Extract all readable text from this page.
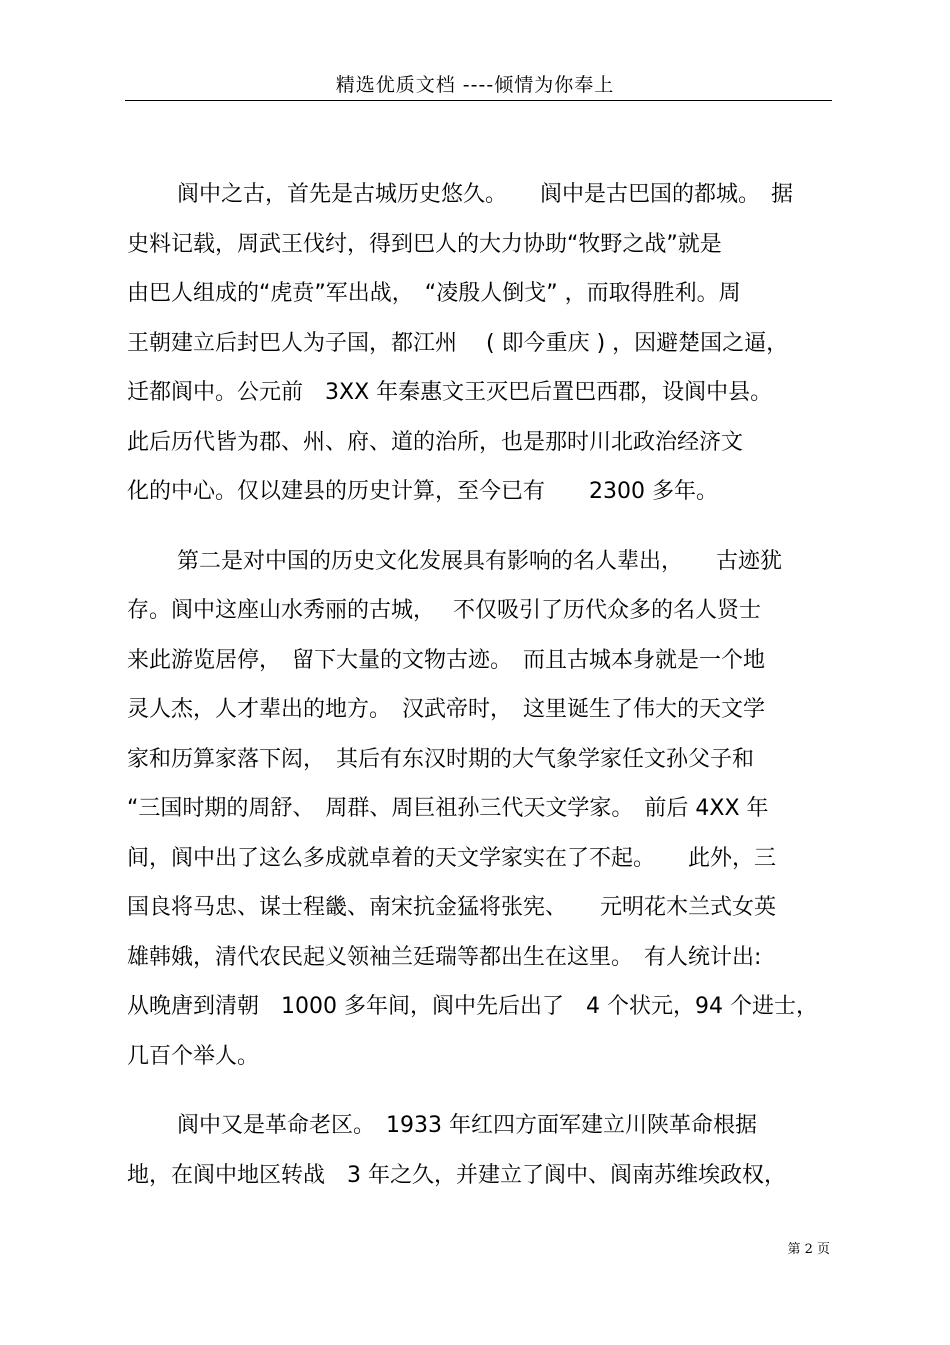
精选优质文档 ----倾情为你奉上
阆中之古，首先是古城历史悠久。　　阆中是古巴国的都城。　据
史料记载，周武王伐纣，得到巴人的大力协助“牧野之战”就是
由巴人组成的“虎贲”军出战，　“凌殷人倒戈” ，而取得胜利。周
王朝建立后封巴人为子国，都江州　 ( 即今重庆 ) ，因避楚国之逼，
迁都阆中。公元前　3XX 年秦惠文王灭巴后置巴西郡，设阆中县。
此后历代皆为郡、州、府、道的治所，也是那时川北政治经济文
化的中心。仅以建县的历史计算，至今已有　　2300 多年。
第二是对中国的历史文化发展具有影响的名人辈出，　　古迹犹
存。阆中这座山水秀丽的古城，　 不仅吸引了历代众多的名人贤士
来此游览居停，　留下大量的文物古迹。　而且古城本身就是一个地
灵人杰，人才辈出的地方。　汉武帝时，　这里诞生了伟大的天文学
家和历算家落下闳，　其后有东汉时期的大气象学家任文孙父子和
“三国时期的周舒、　周群、周巨祖孙三代天文学家。　前后 4XX 年
间，阆中出了这么多成就卓着的天文学家实在了不起。　　此外，三
国良将马忠、谋士程畿、南宋抗金猛将张宪、　　元明花木兰式女英
雄韩娥，清代农民起义领袖兰廷瑞等都出生在这里。　有人统计出:
从晚唐到清朝　1000 多年间，阆中先后出了　4 个状元，94 个进士，
几百个举人。
阆中又是革命老区。　1933 年红四方面军建立川陕革命根据
地，在阆中地区转战　3 年之久，并建立了阆中、阆南苏维埃政权，
第 2 页
